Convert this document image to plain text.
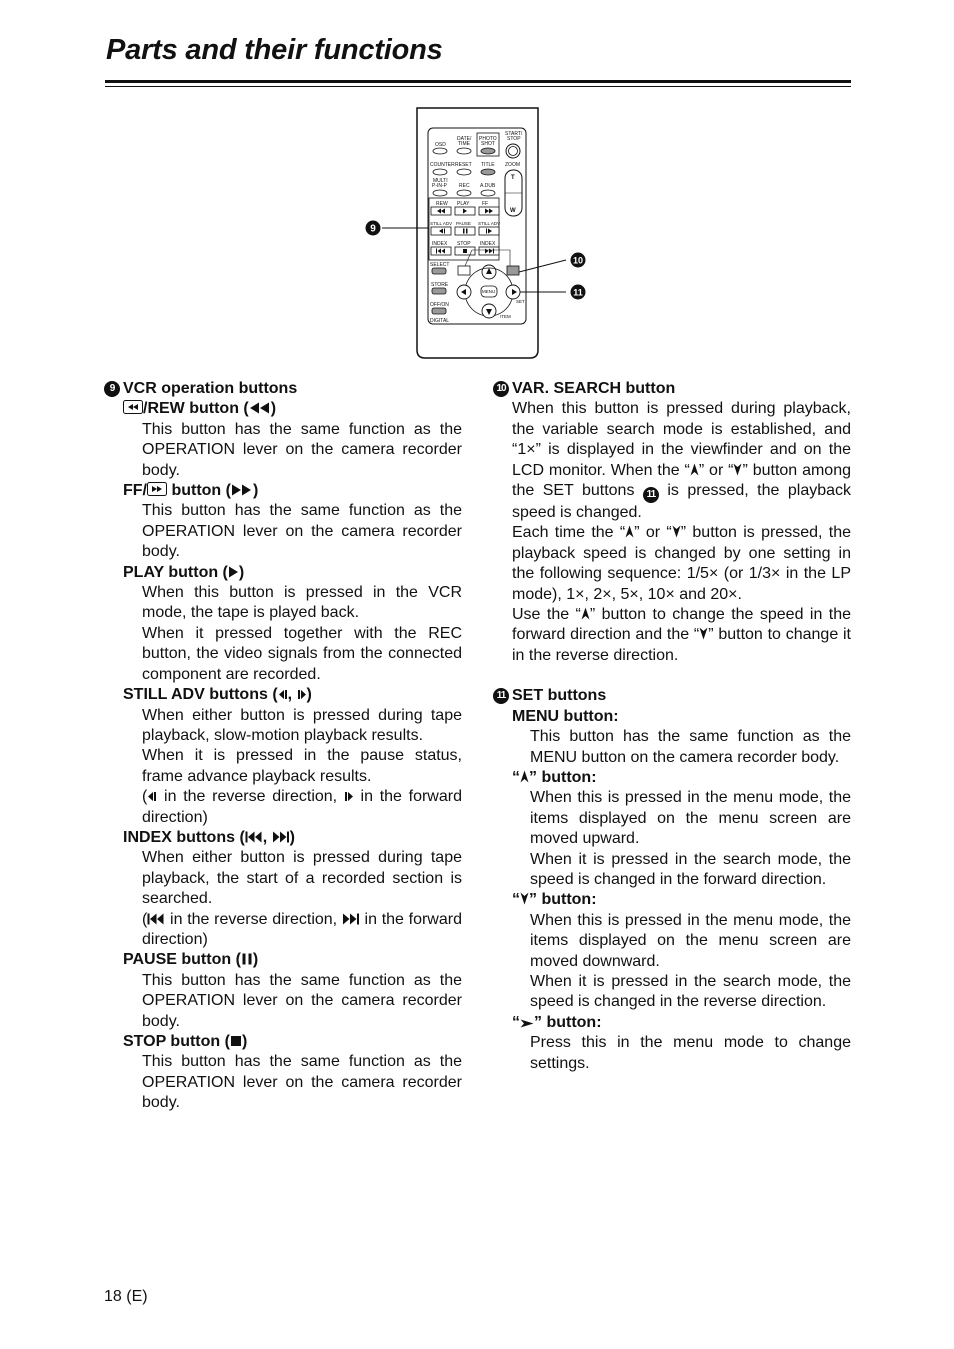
Parts and their functions
OSD
DATE/
TIME
PHOTO
SHOT
START/
STOP
COUNTER RESET TITLE ZOOM
T
W
MULTI
P-IN-P REC A.DUB
REW PLAY	FF
STILL ADV PAUSE STILL ADV
INDEX STOP INDEX
SELECT
STORE
OFF/ON
DIGITAL
MENU
SET
ITEM
9
10
11
9 VCR operation buttons
/REW button ( )
This button has the same function as the OPERATION lever on the camera recorder body.
FF/ button ( )
This button has the same function as the OPERATION lever on the camera recorder body.
PLAY button ( )
When this button is pressed in the VCR mode, the tape is played back.
When it pressed together with the REC button, the video signals from the connected component are recorded.
STILL ADV buttons ( , )
When either button is pressed during tape playback, slow-motion playback results.
When it is pressed in the pause status, frame advance playback results.
( in the reverse direction,  in the forward direction)
INDEX buttons ( , )
When either button is pressed during tape playback, the start of a recorded section is searched.
( in the reverse direction,  in the forward direction)
PAUSE button ( )
This button has the same function as the OPERATION lever on the camera recorder body.
STOP button ( )
This button has the same function as the OPERATION lever on the camera recorder body.
10 VAR. SEARCH button
When this button is pressed during playback, the variable search mode is established, and “1×” is displayed in the viewfinder and on the LCD monitor. When the “ ” or “ ” button among the SET buttons 11 is pressed, the playback speed is changed.
Each time the “ ” or “ ” button is pressed, the playback speed is changed by one setting in the following sequence: 1/5× (or 1/3× in the LP mode), 1×, 2×, 5×, 10× and 20×.
Use the “ ” button to change the speed in the forward direction and the “ ” button to change it in the reverse direction.
11 SET buttons
MENU button:
This button has the same function as the MENU button on the camera recorder body.
“ ” button:
When this is pressed in the menu mode, the items displayed on the menu screen are moved upward.
When it is pressed in the search mode, the speed is changed in the forward direction.
“ ” button:
When this is pressed in the menu mode, the items displayed on the menu screen are moved downward.
When it is pressed in the search mode, the speed is changed in the reverse direction.
“ ” button:
Press this in the menu mode to change settings.
18 (E)
